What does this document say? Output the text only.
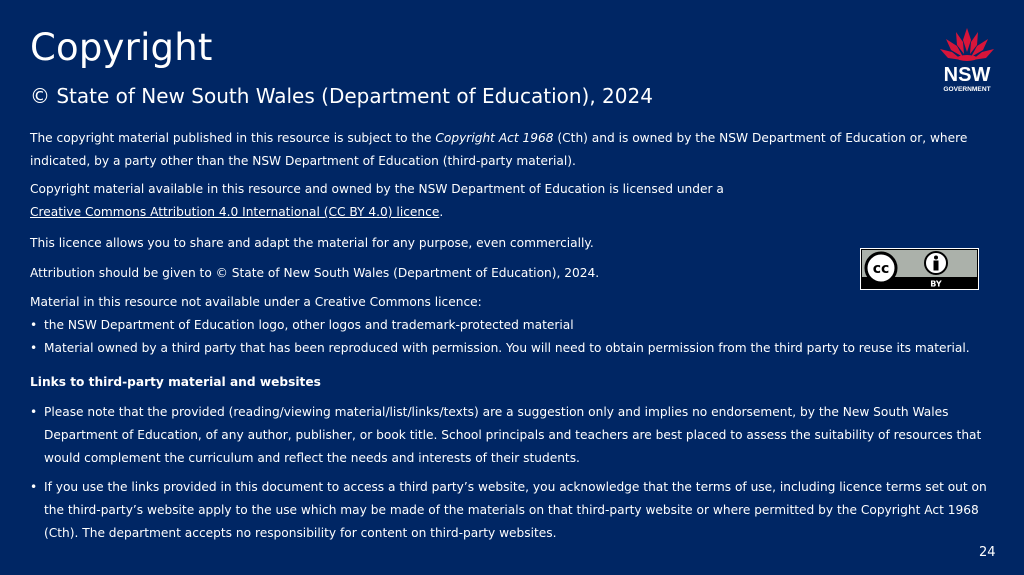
Copyright

© State of New South Wales (Department of Education), 2024

NSW
GOVERNMENT

The copyright material published in this resource is subject to the Copyright Act 1968 (Cth) and is owned by the NSW Department of Education or, where indicated, by a party other than the NSW Department of Education (third-party material).

Copyright material available in this resource and owned by the NSW Department of Education is licensed under a
Creative Commons Attribution 4.0 International (CC BY 4.0) licence.

This licence allows you to share and adapt the material for any purpose, even commercially.

Attribution should be given to © State of New South Wales (Department of Education), 2024.

Material in this resource not available under a Creative Commons licence:

• the NSW Department of Education logo, other logos and trademark-protected material
• Material owned by a third party that has been reproduced with permission. You will need to obtain permission from the third party to reuse its material.

Links to third-party material and websites

• Please note that the provided (reading/viewing material/list/links/texts) are a suggestion only and implies no endorsement, by the New South Wales Department of Education, of any author, publisher, or book title. School principals and teachers are best placed to assess the suitability of resources that would complement the curriculum and reflect the needs and interests of their students.
• If you use the links provided in this document to access a third party’s website, you acknowledge that the terms of use, including licence terms set out on the third-party’s website apply to the use which may be made of the materials on that third-party website or where permitted by the Copyright Act 1968 (Cth). The department accepts no responsibility for content on third-party websites.
cc
BY
24
